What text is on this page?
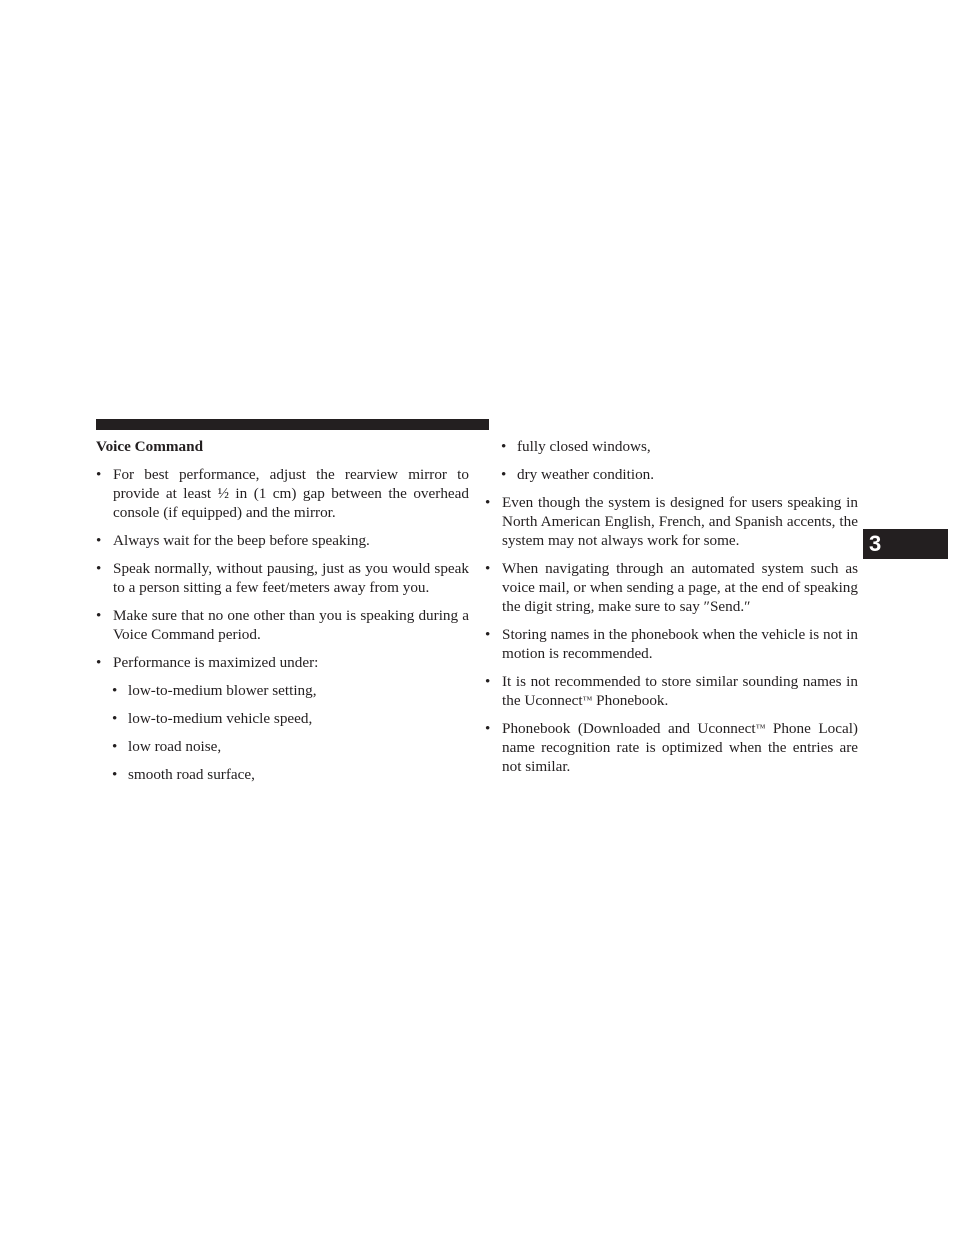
3
Voice Command
• For best performance, adjust the rearview mirror to provide at least ½ in (1 cm) gap between the overhead console (if equipped) and the mirror.
• Always wait for the beep before speaking.
• Speak normally, without pausing, just as you would speak to a person sitting a few feet/meters away from you.
• Make sure that no one other than you is speaking during a Voice Command period.
• Performance is maximized under:
• low-to-medium blower setting,
• low-to-medium vehicle speed,
• low road noise,
• smooth road surface,
• fully closed windows,
• dry weather condition.
• Even though the system is designed for users speaking in North American English, French, and Spanish accents, the system may not always work for some.
• When navigating through an automated system such as voice mail, or when sending a page, at the end of speaking the digit string, make sure to say ″Send.″
• Storing names in the phonebook when the vehicle is not in motion is recommended.
• It is not recommended to store similar sounding names in the Uconnect™ Phonebook.
• Phonebook (Downloaded and Uconnect™ Phone Local) name recognition rate is optimized when the entries are not similar.
